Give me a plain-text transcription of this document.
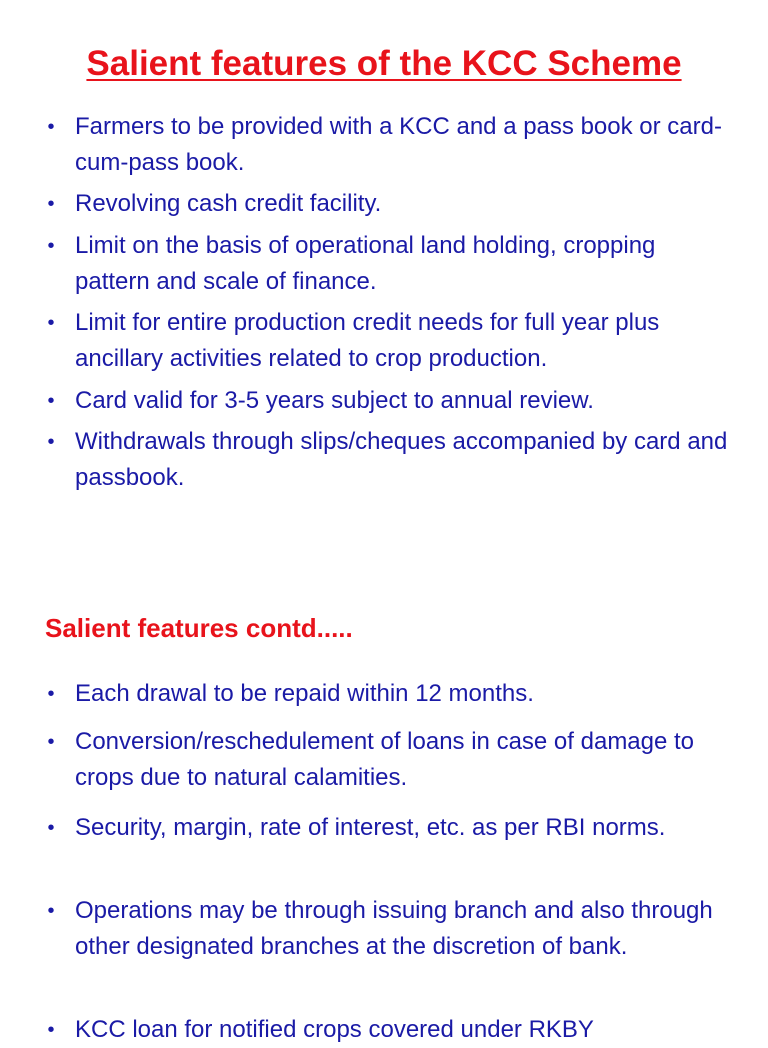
Salient features of the KCC Scheme
• Farmers to be provided with a KCC and a pass book or card-cum-pass book.
• Revolving cash credit facility.
• Limit on the basis of operational land holding, cropping pattern and scale of finance.
• Limit for entire production credit needs for full year plus ancillary activities related to crop production.
• Card valid for 3-5 years subject to annual review.
• Withdrawals through slips/cheques accompanied by card and passbook.
Salient features contd.....
• Each drawal to be repaid within 12 months.
• Conversion/reschedulement of loans in case of damage to crops due to natural calamities.
• Security, margin, rate of interest, etc. as per RBI norms.
• Operations may be through issuing branch and also through other designated branches at the discretion of bank.
• KCC loan for notified crops covered under RKBY
